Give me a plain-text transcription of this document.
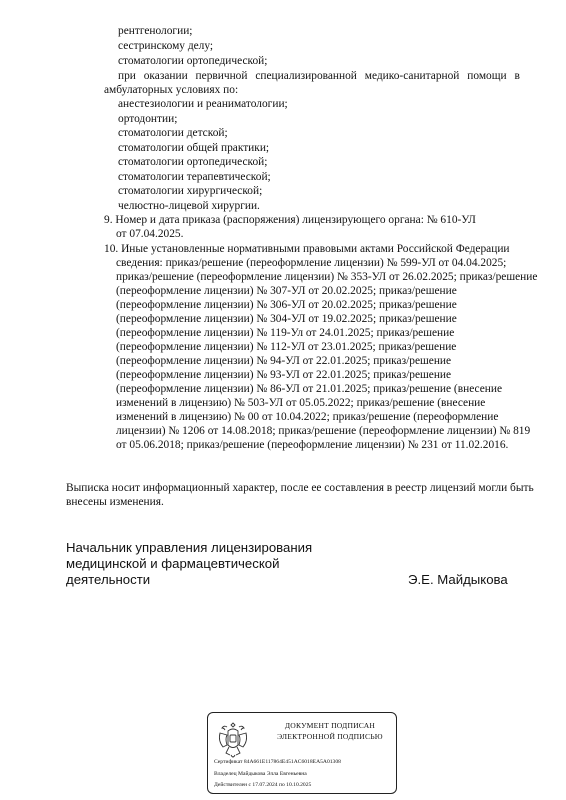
рентгенологии;
сестринскому делу;
стоматологии ортопедической;
при оказании первичной специализированной медико-санитарной помощи в
амбулаторных условиях по:
анестезиологии и реаниматологии;
ортодонтии;
стоматологии детской;
стоматологии общей практики;
стоматологии ортопедической;
стоматологии терапевтической;
стоматологии хирургической;
челюстно-лицевой хирургии.
9. Номер и дата приказа (распоряжения) лицензирующего органа: № 610-УЛ
от 07.04.2025.
10. Иные установленные нормативными правовыми актами Российской Федерации
сведения: приказ/решение (переоформление лицензии) № 599-УЛ от 04.04.2025;
приказ/решение (переоформление лицензии) № 353-УЛ от 26.02.2025; приказ/решение
(переоформление лицензии) № 307-УЛ от 20.02.2025; приказ/решение
(переоформление лицензии) № 306-УЛ от 20.02.2025; приказ/решение
(переоформление лицензии) № 304-УЛ от 19.02.2025; приказ/решение
(переоформление лицензии) № 119-Ул от 24.01.2025; приказ/решение
(переоформление лицензии) № 112-УЛ от 23.01.2025; приказ/решение
(переоформление лицензии) № 94-УЛ от 22.01.2025; приказ/решение
(переоформление лицензии) № 93-УЛ от 22.01.2025; приказ/решение
(переоформление лицензии) № 86-УЛ от 21.01.2025; приказ/решение (внесение
изменений в лицензию) № 503-УЛ от 05.05.2022; приказ/решение (внесение
изменений в лицензию) № 00 от 10.04.2022; приказ/решение (переоформление
лицензии) № 1206 от 14.08.2018; приказ/решение (переоформление лицензии) № 819
от 05.06.2018; приказ/решение (переоформление лицензии) № 231 от 11.02.2016.
Выписка носит информационный характер, после ее составления в реестр лицензий могли быть
внесены изменения.
Начальник управления лицензирования
медицинской и фармацевтической
деятельности	Э.Е. Майдыкова
ДОКУМЕНТ ПОДПИСАН
ЭЛЕКТРОННОЙ ПОДПИСЬЮ
Сертификат 84A661E117864E451AC6018EA5A01308
Владелец Майдыкова Элла Евгеньевна
Действителен с 17.07.2024 по 10.10.2025
